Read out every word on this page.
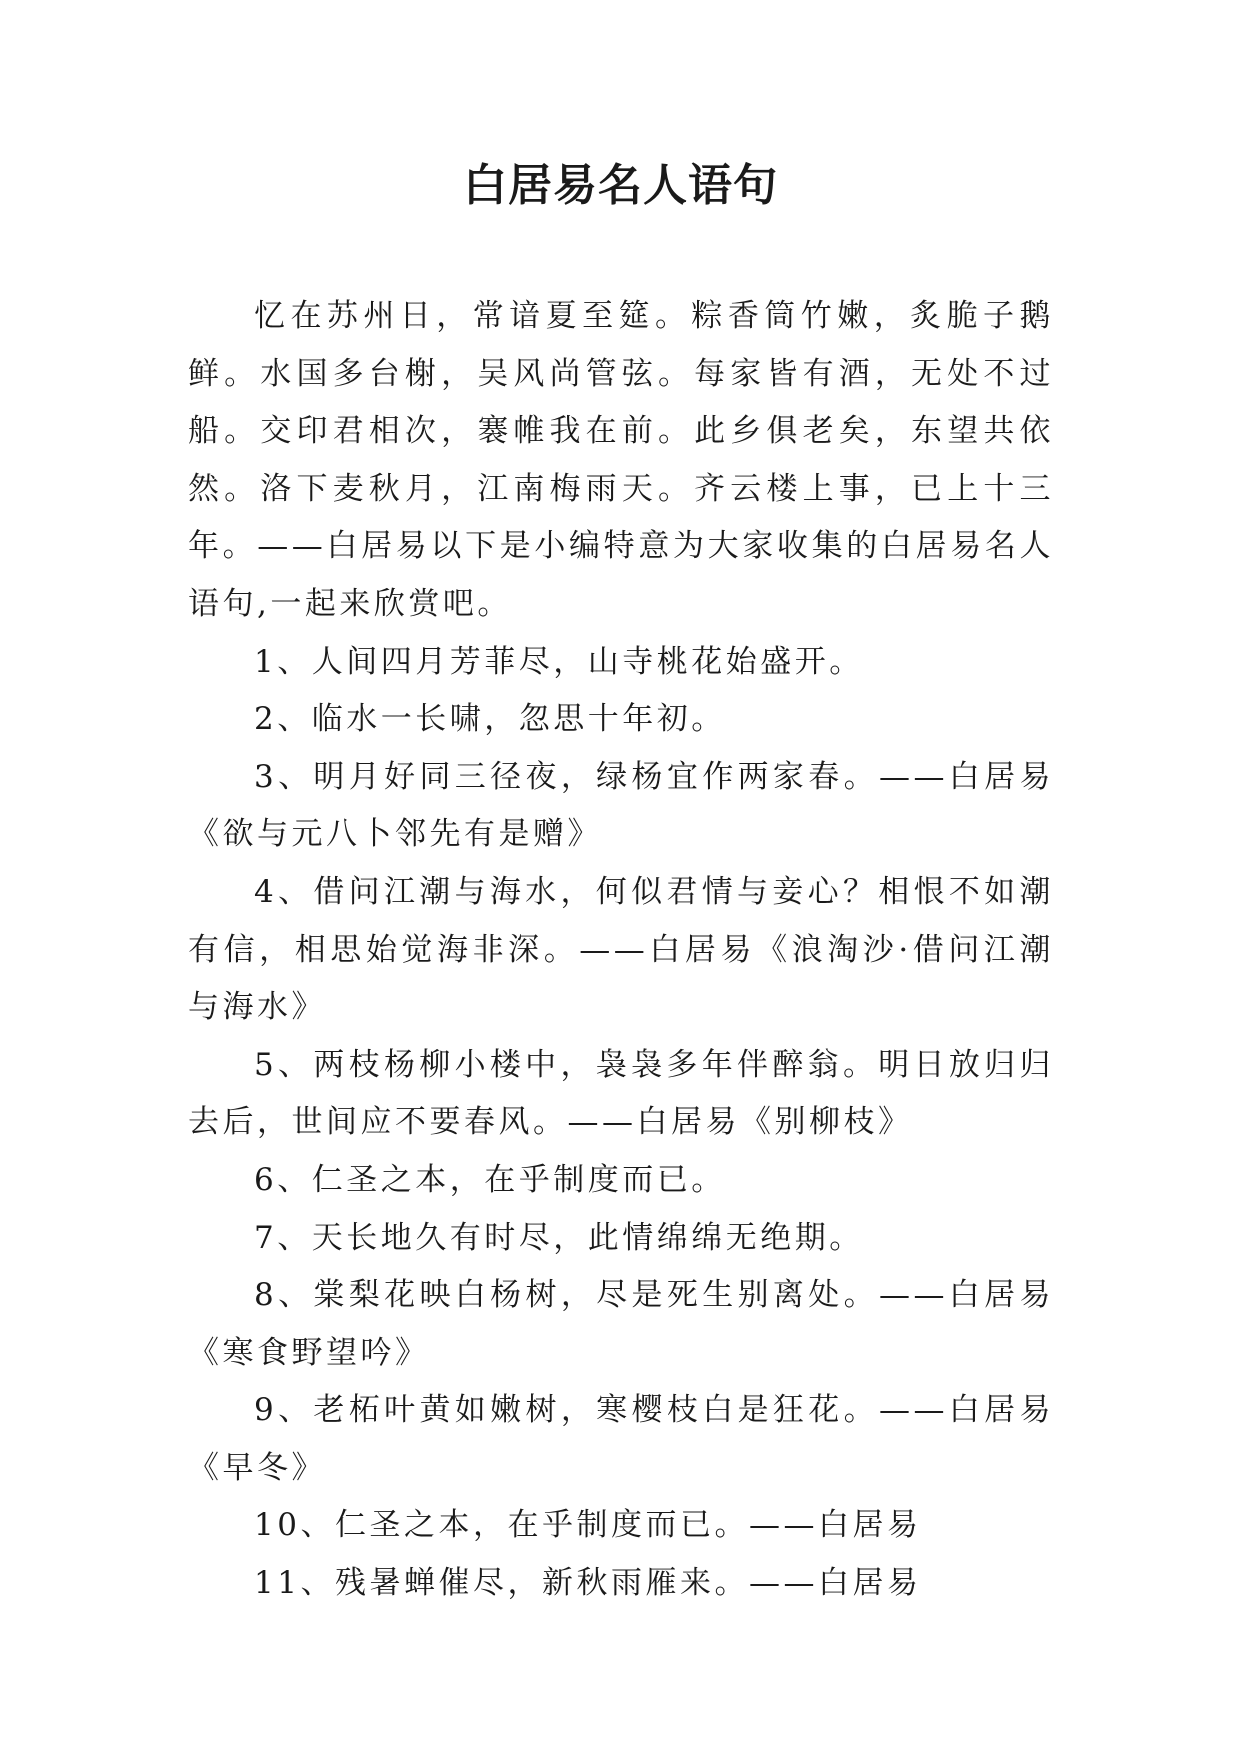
白居易名人语句

忆在苏州日，常谙夏至筵。粽香筒竹嫩，炙脆子鹅鲜。水国多台榭，吴风尚管弦。每家皆有酒，无处不过船。交印君相次，褰帷我在前。此乡俱老矣，东望共依然。洛下麦秋月，江南梅雨天。齐云楼上事，已上十三年。——白居易以下是小编特意为大家收集的白居易名人语句,一起来欣赏吧。

1、人间四月芳菲尽，山寺桃花始盛开。

2、临水一长啸，忽思十年初。

3、明月好同三径夜，绿杨宜作两家春。——白居易《欲与元八卜邻先有是赠》

4、借问江潮与海水，何似君情与妾心？相恨不如潮有信，相思始觉海非深。——白居易《浪淘沙·借问江潮与海水》

5、两枝杨柳小楼中，袅袅多年伴醉翁。明日放归归去后，世间应不要春风。——白居易《别柳枝》

6、仁圣之本，在乎制度而已。

7、天长地久有时尽，此情绵绵无绝期。

8、棠梨花映白杨树，尽是死生别离处。——白居易《寒食野望吟》

9、老柘叶黄如嫩树，寒樱枝白是狂花。——白居易《早冬》

10、仁圣之本，在乎制度而已。——白居易

11、残暑蝉催尽，新秋雨雁来。——白居易
